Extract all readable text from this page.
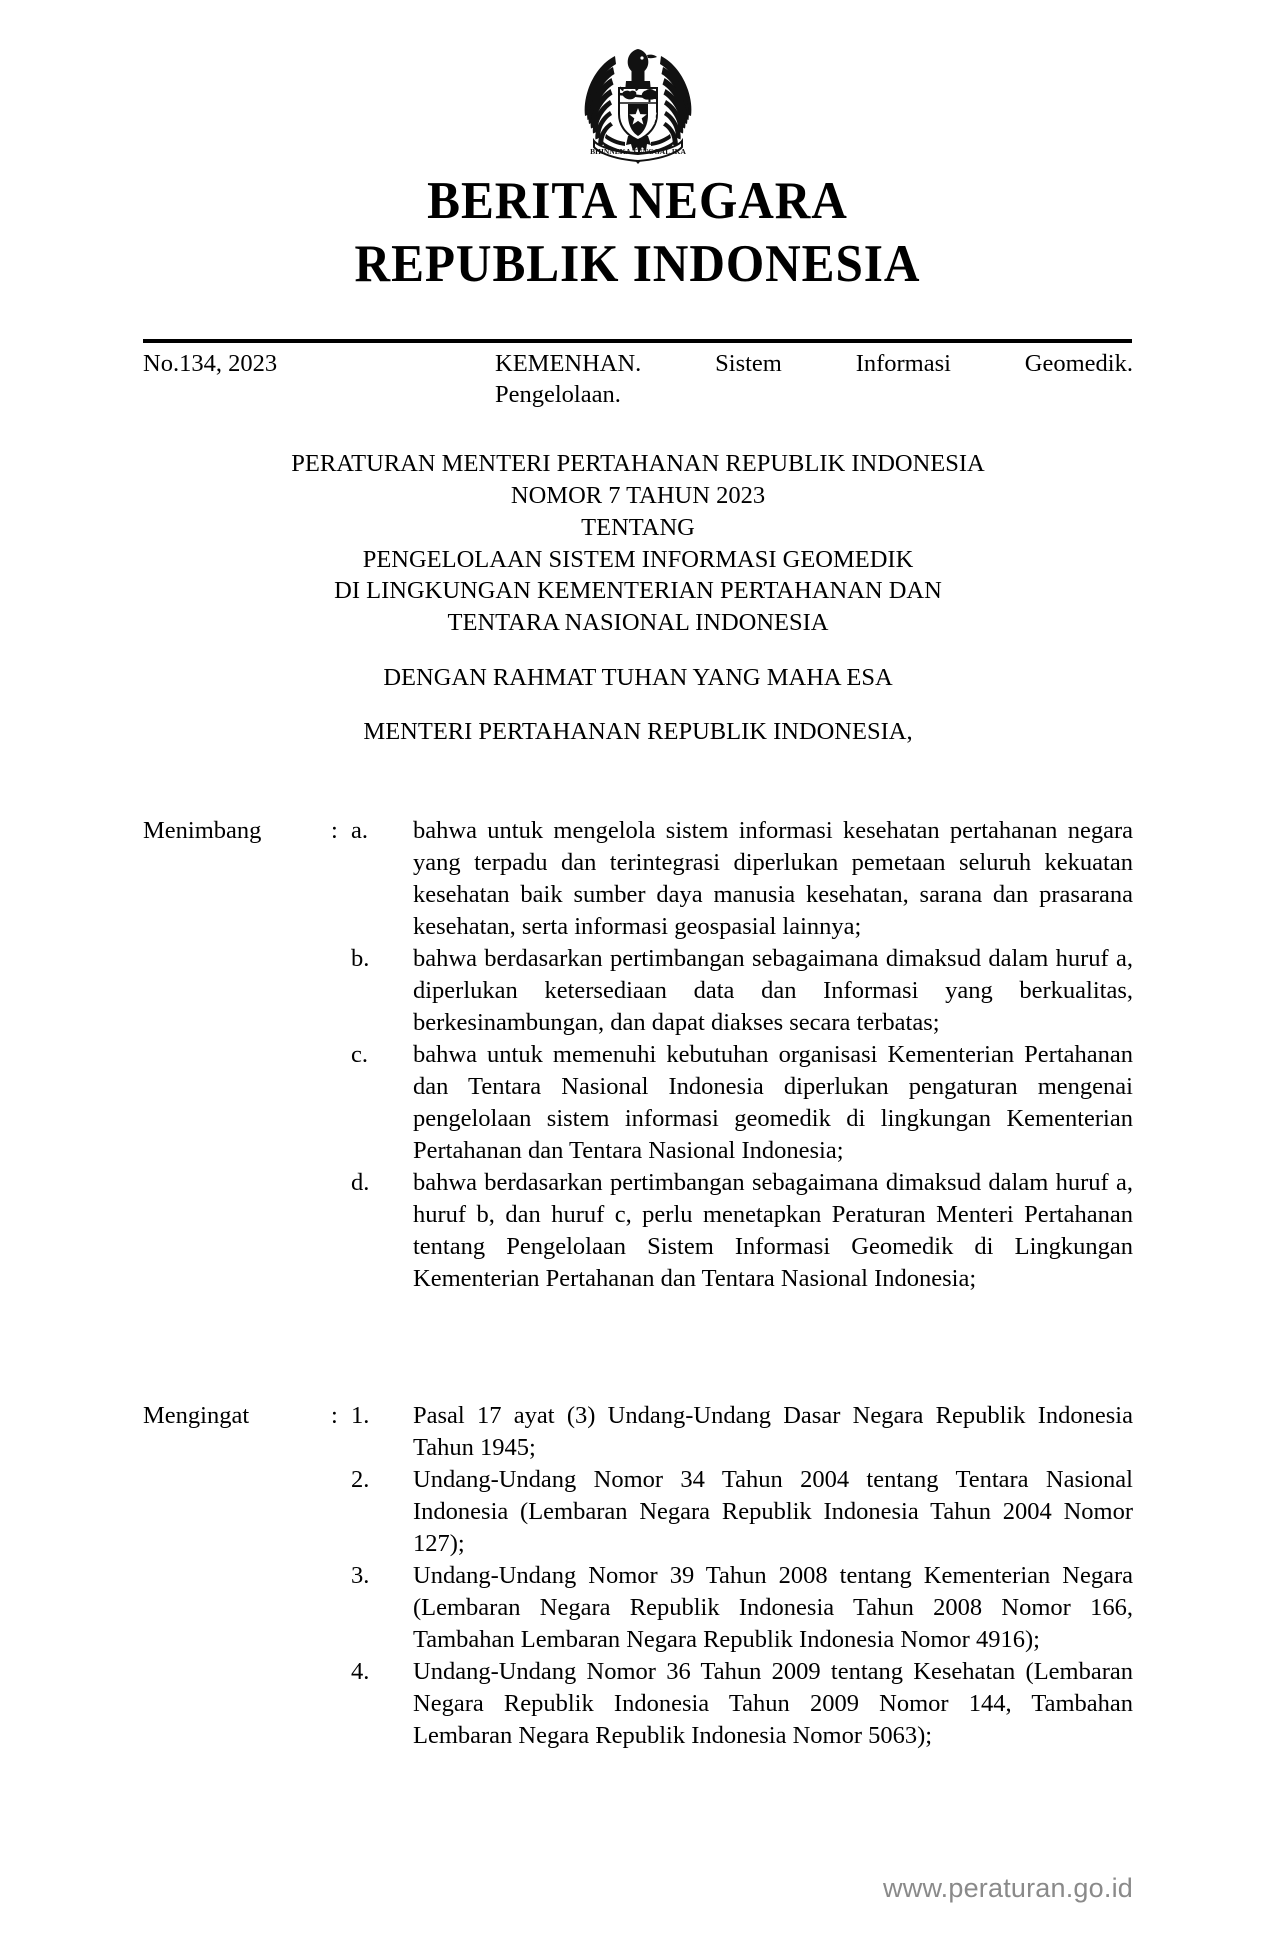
BHINNEKA TUNGGAL IKA
BERITA NEGARA
REPUBLIK INDONESIA
No.134, 2023	KEMENHAN. Sistem Informasi Geomedik.
Pengelolaan.
PERATURAN MENTERI PERTAHANAN REPUBLIK INDONESIA
NOMOR 7 TAHUN 2023
TENTANG
PENGELOLAAN SISTEM INFORMASI GEOMEDIK
DI LINGKUNGAN KEMENTERIAN PERTAHANAN DAN
TENTARA NASIONAL INDONESIA
DENGAN RAHMAT TUHAN YANG MAHA ESA
MENTERI PERTAHANAN REPUBLIK INDONESIA,
Menimbang	: a.	bahwa untuk mengelola sistem informasi kesehatan pertahanan negara yang terpadu dan terintegrasi diperlukan pemetaan seluruh kekuatan kesehatan baik sumber daya manusia kesehatan, sarana dan prasarana kesehatan, serta informasi geospasial lainnya;
b.	bahwa berdasarkan pertimbangan sebagaimana dimaksud dalam huruf a, diperlukan ketersediaan data dan Informasi yang berkualitas, berkesinambungan, dan dapat diakses secara terbatas;
c.	bahwa untuk memenuhi kebutuhan organisasi Kementerian Pertahanan dan Tentara Nasional Indonesia diperlukan pengaturan mengenai pengelolaan sistem informasi geomedik di lingkungan Kementerian Pertahanan dan Tentara Nasional Indonesia;
d.	bahwa berdasarkan pertimbangan sebagaimana dimaksud dalam huruf a, huruf b, dan huruf c, perlu menetapkan Peraturan Menteri Pertahanan tentang Pengelolaan Sistem Informasi Geomedik di Lingkungan Kementerian Pertahanan dan Tentara Nasional Indonesia;
Mengingat	: 1.	Pasal 17 ayat (3) Undang-Undang Dasar Negara Republik Indonesia Tahun 1945;
2.	Undang-Undang Nomor 34 Tahun 2004 tentang Tentara Nasional Indonesia (Lembaran Negara Republik Indonesia Tahun 2004 Nomor 127);
3.	Undang-Undang Nomor 39 Tahun 2008 tentang Kementerian Negara (Lembaran Negara Republik Indonesia Tahun 2008 Nomor 166, Tambahan Lembaran Negara Republik Indonesia Nomor 4916);
4.	Undang-Undang Nomor 36 Tahun 2009 tentang Kesehatan (Lembaran Negara Republik Indonesia Tahun 2009 Nomor 144, Tambahan Lembaran Negara Republik Indonesia Nomor 5063);
www.peraturan.go.id
